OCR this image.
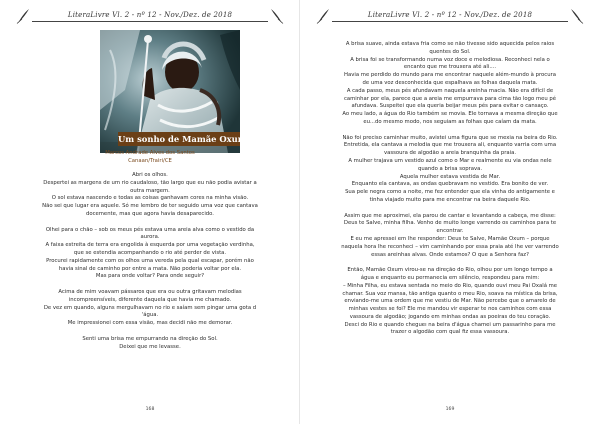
LiteraLivre Vl. 2 - nº 12 - Nov./Dez. de 2018
Um sonho de Mamãe Oxum
Marcos Andrade Alves dos Santos
Canaan/Trairi/CE
Abri os olhos.
Despertei as margens de um rio caudaloso, tão largo que eu não podia avistar a
outra margem.
O sol estava nascendo e todas as coisas ganhavam cores na minha visão.
Não sei que lugar era aquele. Só me lembro de ter seguido uma voz que cantava
docemente, mas que agora havia desaparecido.
Olhei para o chão – sob os meus pés estava uma areia alva como o vestido da
aurora.
A faixa estreita de terra era engolida à esquerda por uma vegetação verdinha,
que se estendia acompanhando o rio até perder de vista.
Procurei rapidamente com os olhos uma vereda pela qual escapar, porém não
havia sinal de caminho por entre a mata. Não poderia voltar por ela.
Mas para onde voltar? Para onde seguir?
Acima de mim voavam pássaros que era ou outra gritavam melodias
incompreensíveis, diferente daquela que havia me chamado.
De vez em quando, alguns mergulhavam no rio e saíam sem pingar uma gota d
'água.
Me impressionei com essa visão, mas decidi não me demorar.
Senti uma brisa me empurrando na direção do Sol.
Deixei que me levasse.
168
LiteraLivre Vl. 2 - nº 12 - Nov./Dez. de 2018
A brisa suave, ainda estava fria como se não tivesse sido aquecida pelos raios
quentes do Sol.
A brisa foi se transformando numa voz doce e melodiosa. Reconheci nela o
encanto que me trouxera até ali....
Havia me perdido do mundo para me encontrar naquele além-mundo à procura
de uma voz desconhecida que espalhava as folhas daquela mata.
A cada passo, meus pés afundavam naquela areinha macia. Não era difícil de
caminhar por ela, parece que a areia me empurrava para cima tão logo meu pé
afundava. Suspeitei que ela queria beijar meus pés para evitar o cansaço.
Ao meu lado, a água do Rio também se movia. Ele tornava a mesma direção que
eu...do mesmo modo, nos seguiam as folhas que caíam da mata.
Não foi preciso caminhar muito, avistei uma figura que se mexia na beira do Rio.
Entretida, ela cantava a melodia que me trouxera ali, enquanto varria com uma
vassoura de algodão a areia branquinha da praia.
A mulher trajava um vestido azul como o Mar e realmente eu via ondas nele
quando a brisa soprava.
Aquela mulher estava vestida de Mar.
Enquanto ela cantava, as ondas quebravam no vestido. Era bonito de ver.
Sua pele negra como a noite, me fez entender que ela vinha do antigamente e
tinha viajado muito para me encontrar na beira daquele Rio.
Assim que me aproximei, ela parou de cantar e levantando a cabeça, me disse:
Deus te Salve, minha filha. Venho de muito longe varrendo os caminhos para te
encontrar.
E eu me apressei em lhe responder: Deus te Salve, Mamãe Oxum – porque
naquela hora lhe reconheci – vim caminhando por essa praia até lhe ver varrendo
essas areinhas alvas. Onde estamos? O que a Senhora faz?
Então, Mamãe Oxum virou-se na direção do Rio, olhou por um longo tempo a
água e enquanto eu permanecia em silêncio, respondeu para mim:
– Minha Filha, eu estava sentada no meio do Rio, quando ouvi meu Pai Oxalá me
chamar. Sua voz mansa, tão antiga quanto o meu Rio, soava na mística da brisa,
enviando-me uma ordem que me vestiu de Mar. Não percebe que o amarelo de
minhas vestes se foi? Ele me mandou vir esperar te nos caminhos com essa
vassoura de algodão; jogando em minhas ondas as poeiras do teu coração.
Desci do Rio e quando chegueı na beira d'água chamei um passarinho para me
trazer o algodão com qual fiz essa vassoura.
169
